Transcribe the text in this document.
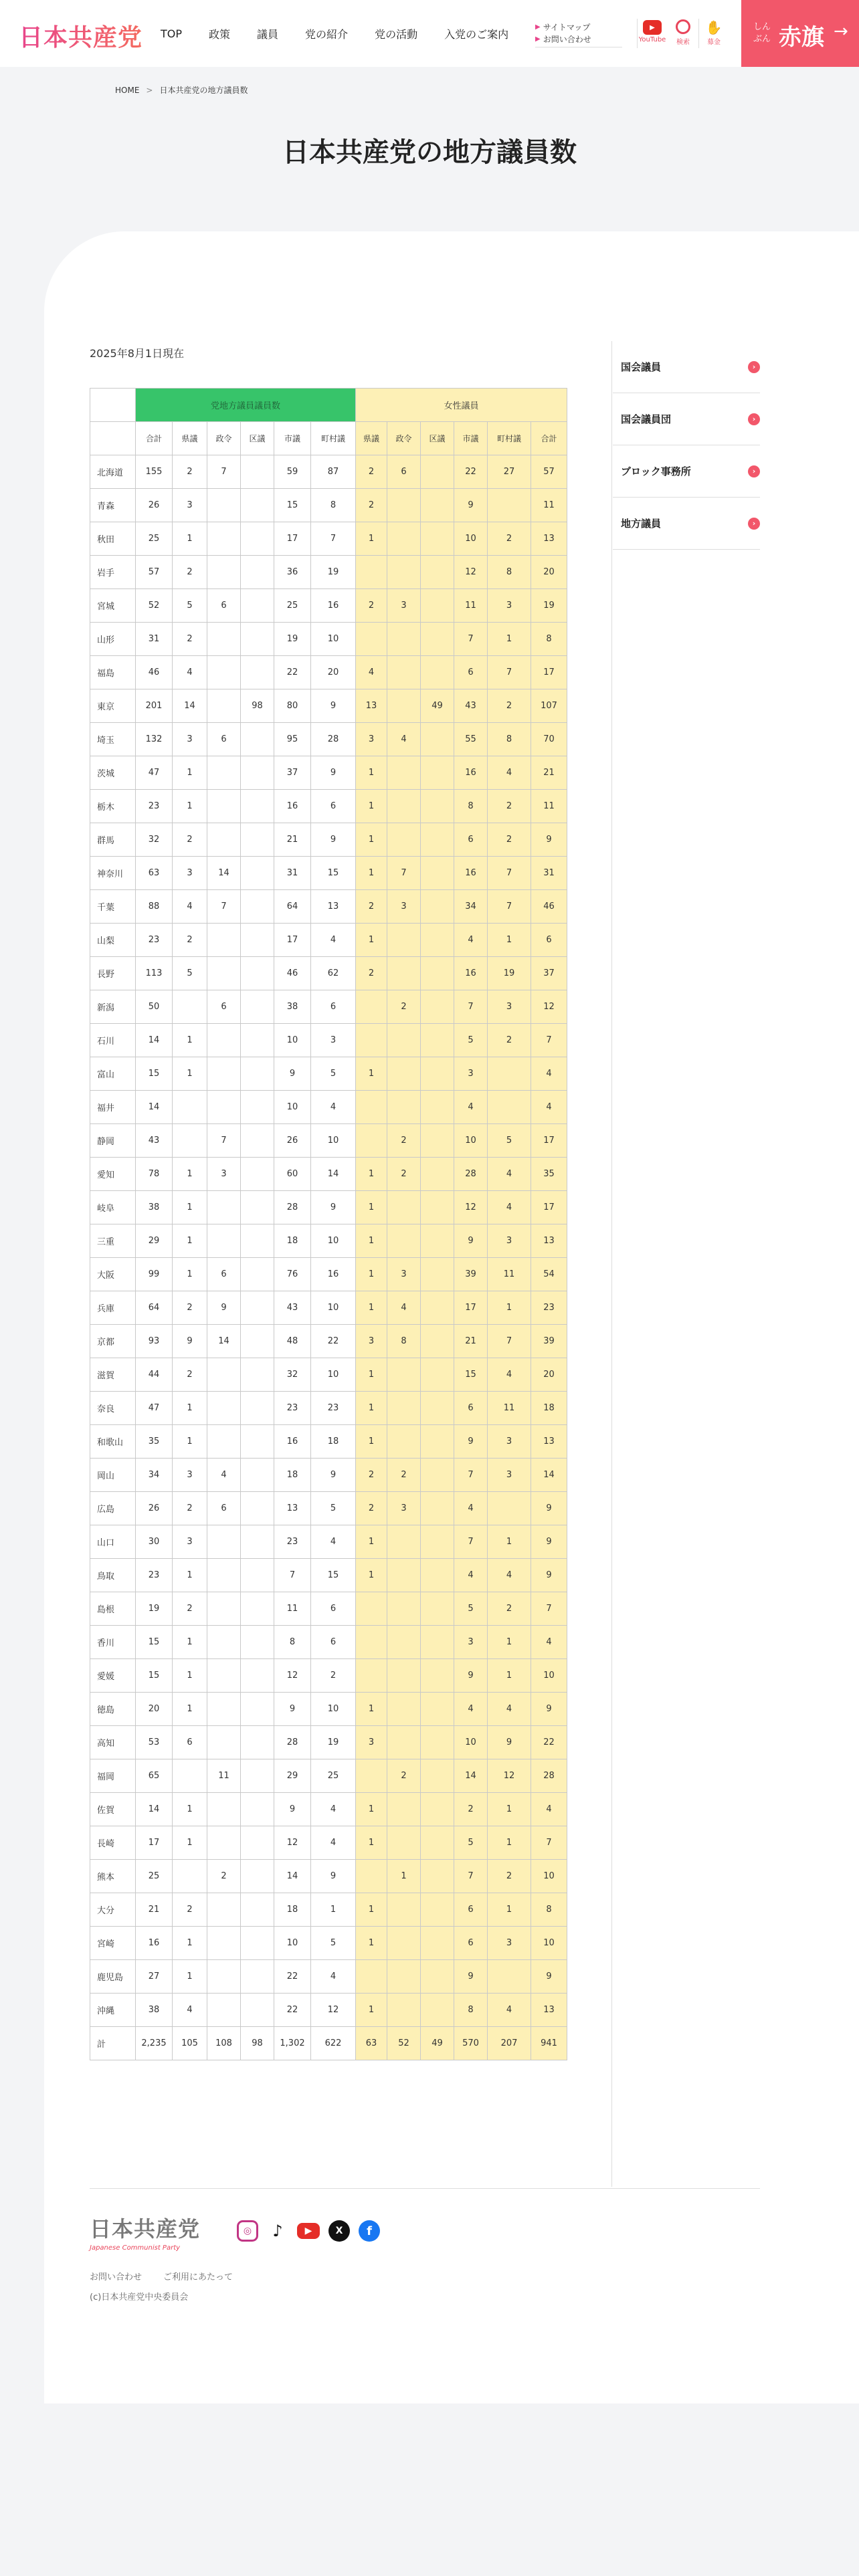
日本共産党 TOP	政策	議員	党の紹介	党の活動	入党のご案内
▶ サイトマップ
▶ お問い合わせ
▶
YouTube	検索
✋
募金
しん
ぶん 赤旗 →
HOME > 日本共産党の地方議員数
日本共産党の地方議員数
2025年8月1日現在
	党地方議員議員数						女性議員					
	合計	県議	政令	区議	市議	町村議	県議	政令	区議	市議	町村議	合計
北海道	155	2	7		59	87	2	6		22	27	57
青森	26	3			15	8	2			9		11
秋田	25	1			17	7	1			10	2	13
岩手	57	2			36	19				12	8	20
宮城	52	5	6		25	16	2	3		11	3	19
山形	31	2			19	10				7	1	8
福島	46	4			22	20	4			6	7	17
東京	201	14		98	80	9	13		49	43	2	107
埼玉	132	3	6		95	28	3	4		55	8	70
茨城	47	1			37	9	1			16	4	21
栃木	23	1			16	6	1			8	2	11
群馬	32	2			21	9	1			6	2	9
神奈川	63	3	14		31	15	1	7		16	7	31
千葉	88	4	7		64	13	2	3		34	7	46
山梨	23	2			17	4	1			4	1	6
長野	113	5			46	62	2			16	19	37
新潟	50		6		38	6		2		7	3	12
石川	14	1			10	3				5	2	7
富山	15	1			9	5	1			3		4
福井	14				10	4				4		4
静岡	43		7		26	10		2		10	5	17
愛知	78	1	3		60	14	1	2		28	4	35
岐阜	38	1			28	9	1			12	4	17
三重	29	1			18	10	1			9	3	13
大阪	99	1	6		76	16	1	3		39	11	54
兵庫	64	2	9		43	10	1	4		17	1	23
京都	93	9	14		48	22	3	8		21	7	39
滋賀	44	2			32	10	1			15	4	20
奈良	47	1			23	23	1			6	11	18
和歌山	35	1			16	18	1			9	3	13
岡山	34	3	4		18	9	2	2		7	3	14
広島	26	2	6		13	5	2	3		4		9
山口	30	3			23	4	1			7	1	9
鳥取	23	1			7	15	1			4	4	9
島根	19	2			11	6				5	2	7
香川	15	1			8	6				3	1	4
愛媛	15	1			12	2				9	1	10
徳島	20	1			9	10	1			4	4	9
高知	53	6			28	19	3			10	9	22
福岡	65		11		29	25		2		14	12	28
佐賀	14	1			9	4	1			2	1	4
長崎	17	1			12	4	1			5	1	7
熊本	25		2		14	9		1		7	2	10
大分	21	2			18	1	1			6	1	8
宮崎	16	1			10	5	1			6	3	10
鹿児島	27	1			22	4				9		9
沖縄	38	4			22	12	1			8	4	13
計	2,235	105	108	98	1,302	622	63	52	49	570	207	941
国会議員	›
国会議員団	›
ブロック事務所	›
地方議員	›
日本共産党
Japanese Communist Party
◎	♪	▶	X	f
お問い合わせ ご利用にあたって
(c)日本共産党中央委員会
